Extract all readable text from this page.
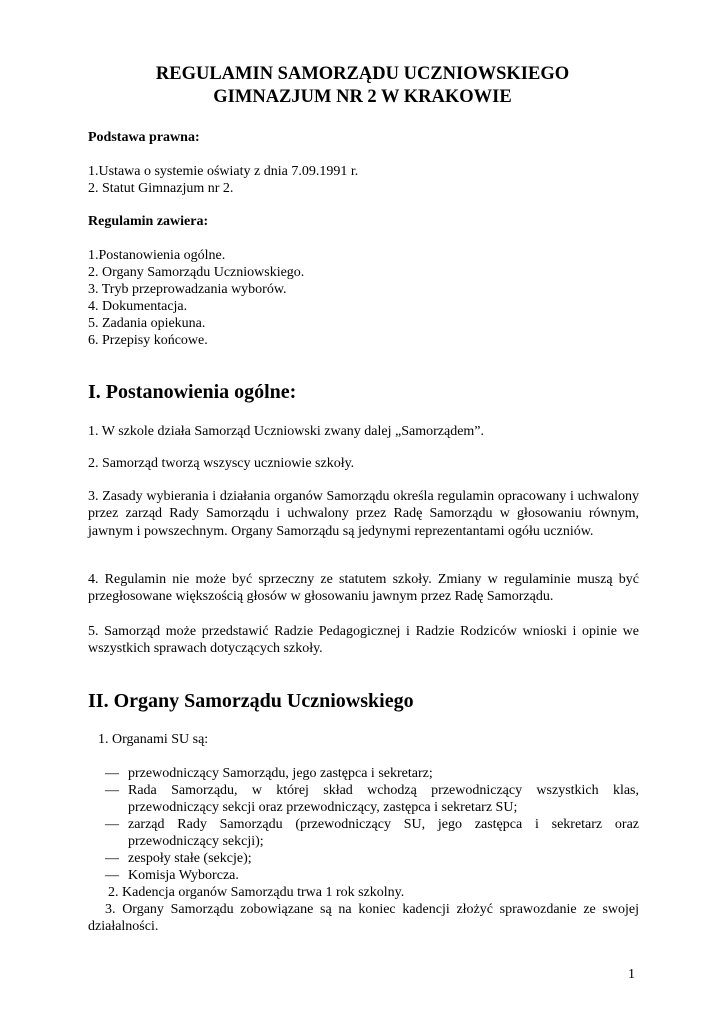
REGULAMIN SAMORZĄDU UCZNIOWSKIEGO
GIMNAZJUM NR 2 W KRAKOWIE
Podstawa prawna:
1.Ustawa o systemie oświaty z dnia 7.09.1991 r.
2. Statut Gimnazjum nr 2.
Regulamin zawiera:
1.Postanowienia ogólne.
2. Organy Samorządu Uczniowskiego.
3. Tryb przeprowadzania wyborów.
4. Dokumentacja.
5. Zadania opiekuna.
6. Przepisy końcowe.
I. Postanowienia ogólne:
1. W szkole działa Samorząd Uczniowski zwany dalej „Samorządem”.
2. Samorząd tworzą wszyscy uczniowie szkoły.
3. Zasady wybierania i działania organów Samorządu określa regulamin opracowany i uchwalony przez zarząd Rady Samorządu i uchwalony przez Radę Samorządu w głosowaniu równym, jawnym i powszechnym. Organy Samorządu są jedynymi reprezentantami ogółu uczniów.
4. Regulamin nie może być sprzeczny ze statutem szkoły. Zmiany w regulaminie muszą być przegłosowane większością głosów w głosowaniu jawnym przez Radę Samorządu.
5. Samorząd może przedstawić Radzie Pedagogicznej i Radzie Rodziców wnioski i opinie we wszystkich sprawach dotyczących szkoły.
II. Organy Samorządu Uczniowskiego
1. Organami SU są:
— przewodniczący Samorządu, jego zastępca i sekretarz;
— Rada Samorządu, w której skład wchodzą przewodniczący wszystkich klas, przewodniczący sekcji oraz przewodniczący, zastępca i sekretarz SU;
— zarząd Rady Samorządu (przewodniczący SU, jego zastępca i sekretarz oraz przewodniczący sekcji);
— zespoły stałe (sekcje);
— Komisja Wyborcza.
2. Kadencja organów Samorządu trwa 1 rok szkolny.
3. Organy Samorządu zobowiązane są na koniec kadencji złożyć sprawozdanie ze swojej działalności.
1
